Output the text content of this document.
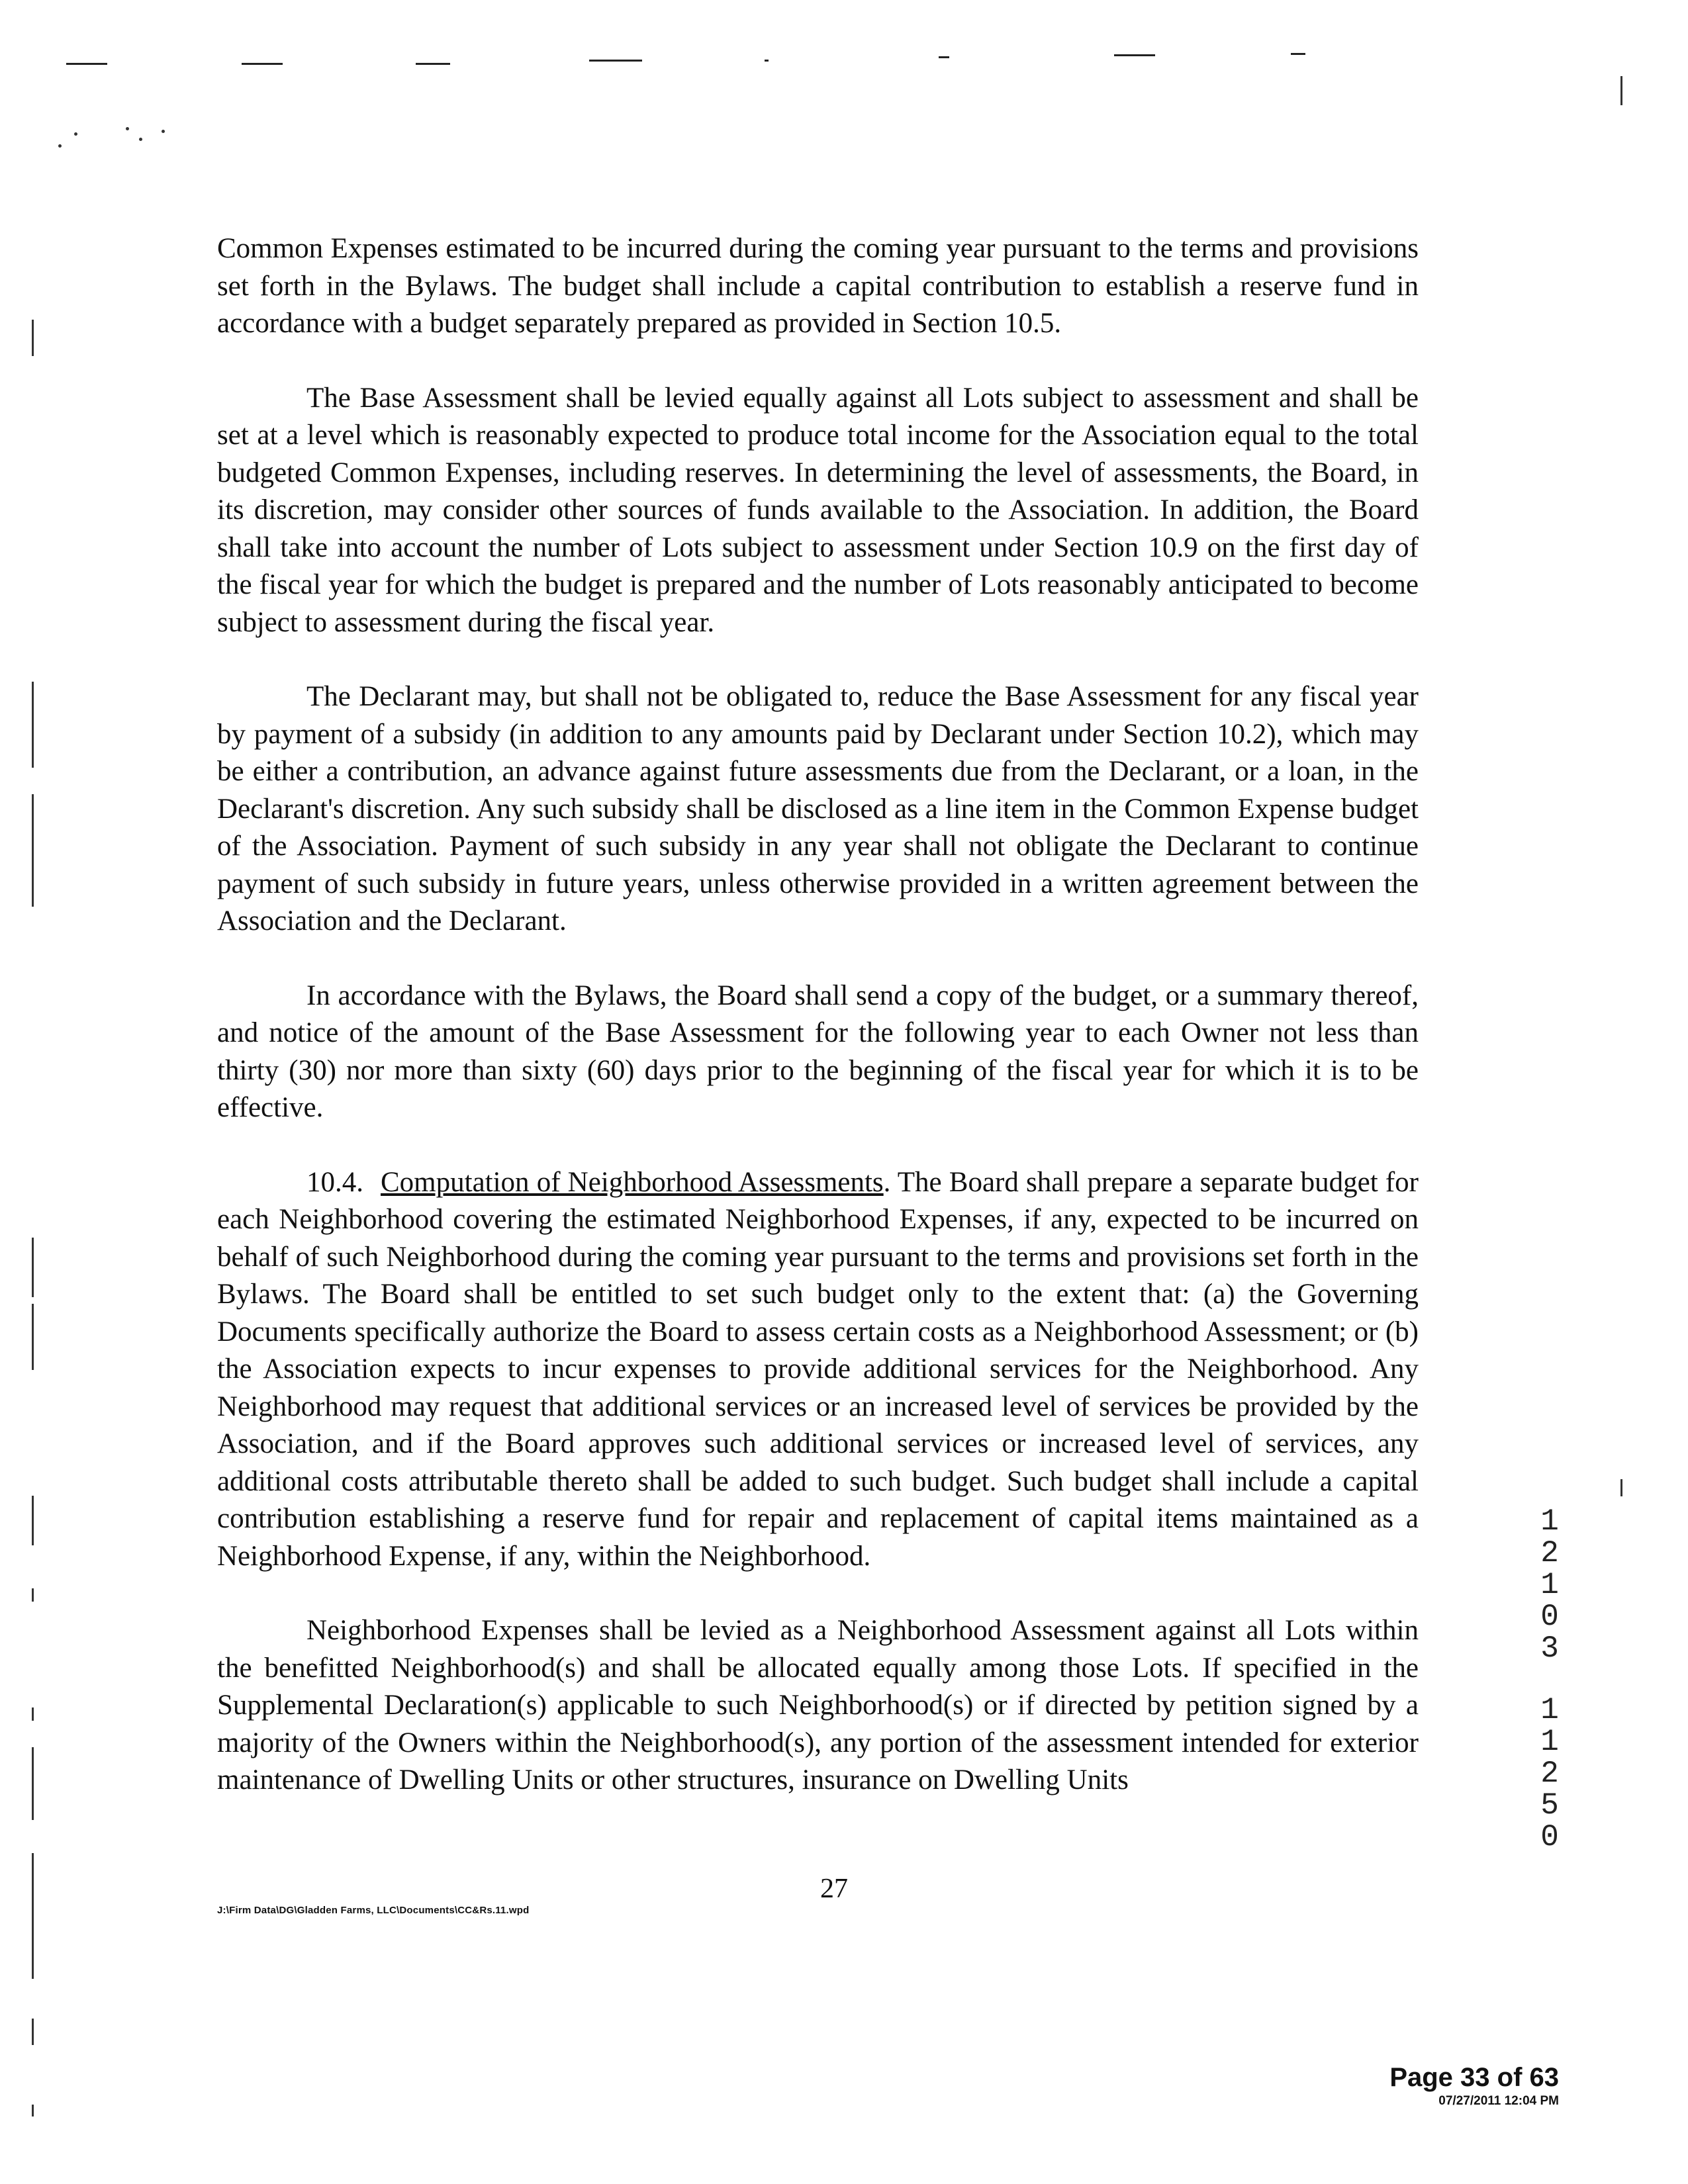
Common Expenses estimated to be incurred during the coming year pursuant to the terms and provisions set forth in the Bylaws. The budget shall include a capital contribution to establish a reserve fund in accordance with a budget separately prepared as provided in Section 10.5.

The Base Assessment shall be levied equally against all Lots subject to assessment and shall be set at a level which is reasonably expected to produce total income for the Association equal to the total budgeted Common Expenses, including reserves. In determining the level of assessments, the Board, in its discretion, may consider other sources of funds available to the Association. In addition, the Board shall take into account the number of Lots subject to assessment under Section 10.9 on the first day of the fiscal year for which the budget is prepared and the number of Lots reasonably anticipated to become subject to assessment during the fiscal year.

The Declarant may, but shall not be obligated to, reduce the Base Assessment for any fiscal year by payment of a subsidy (in addition to any amounts paid by Declarant under Section 10.2), which may be either a contribution, an advance against future assessments due from the Declarant, or a loan, in the Declarant's discretion. Any such subsidy shall be disclosed as a line item in the Common Expense budget of the Association. Payment of such subsidy in any year shall not obligate the Declarant to continue payment of such subsidy in future years, unless otherwise provided in a written agreement between the Association and the Declarant.

In accordance with the Bylaws, the Board shall send a copy of the budget, or a summary thereof, and notice of the amount of the Base Assessment for the following year to each Owner not less than thirty (30) nor more than sixty (60) days prior to the beginning of the fiscal year for which it is to be effective.

10.4. Computation of Neighborhood Assessments. The Board shall prepare a separate budget for each Neighborhood covering the estimated Neighborhood Expenses, if any, expected to be incurred on behalf of such Neighborhood during the coming year pursuant to the terms and provisions set forth in the Bylaws. The Board shall be entitled to set such budget only to the extent that: (a) the Governing Documents specifically authorize the Board to assess certain costs as a Neighborhood Assessment; or (b) the Association expects to incur expenses to provide additional services for the Neighborhood. Any Neighborhood may request that additional services or an increased level of services be provided by the Association, and if the Board approves such additional services or increased level of services, any additional costs attributable thereto shall be added to such budget. Such budget shall include a capital contribution establishing a reserve fund for repair and replacement of capital items maintained as a Neighborhood Expense, if any, within the Neighborhood.

Neighborhood Expenses shall be levied as a Neighborhood Assessment against all Lots within the benefitted Neighborhood(s) and shall be allocated equally among those Lots. If specified in the Supplemental Declaration(s) applicable to such Neighborhood(s) or if directed by petition signed by a majority of the Owners within the Neighborhood(s), any portion of the assessment intended for exterior maintenance of Dwelling Units or other structures, insurance on Dwelling Units

1
2
1
0
3
1
1
2
5
0
J:\Firm Data\DG\Gladden Farms, LLC\Documents\CC&Rs.11.wpd
27
Page 33 of 63
07/27/2011 12:04 PM
